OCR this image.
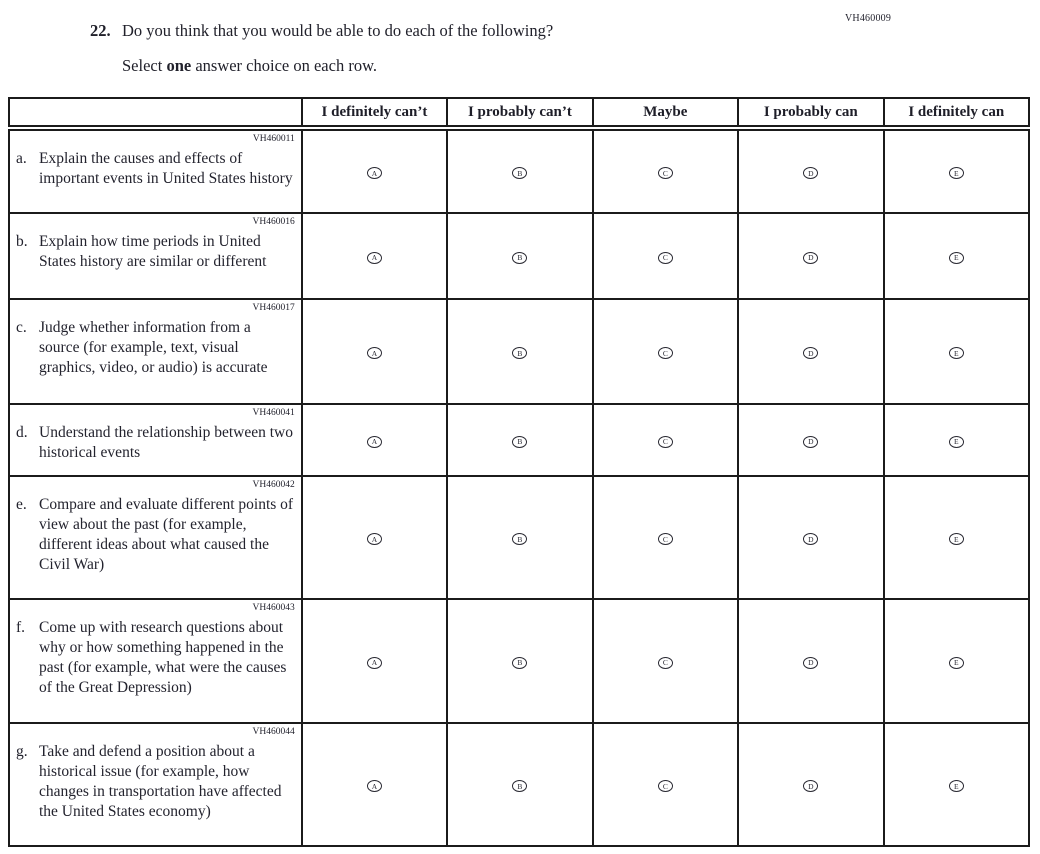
VH460009
22. Do you think that you would be able to do each of the following?
Select one answer choice on each row.
	I definitely can’t	I probably can’t	Maybe	I probably can	I definitely can

VH460011
a. Explain the causes and effects of important events in United States history	A	B	C	D	E

VH460016
b. Explain how time periods in United States history are similar or different	A	B	C	D	E

VH460017
c. Judge whether information from a source (for example, text, visual graphics, video, or audio) is accurate	A	B	C	D	E

VH460041
d. Understand the relationship between two historical events	A	B	C	D	E

VH460042
e. Compare and evaluate different points of view about the past (for example, different ideas about what caused the Civil War)	A	B	C	D	E

VH460043
f. Come up with research questions about why or how something happened in the past (for example, what were the causes of the Great Depression)	A	B	C	D	E

VH460044
g. Take and defend a position about a historical issue (for example, how changes in transportation have affected the United States economy)	A	B	C	D	E
